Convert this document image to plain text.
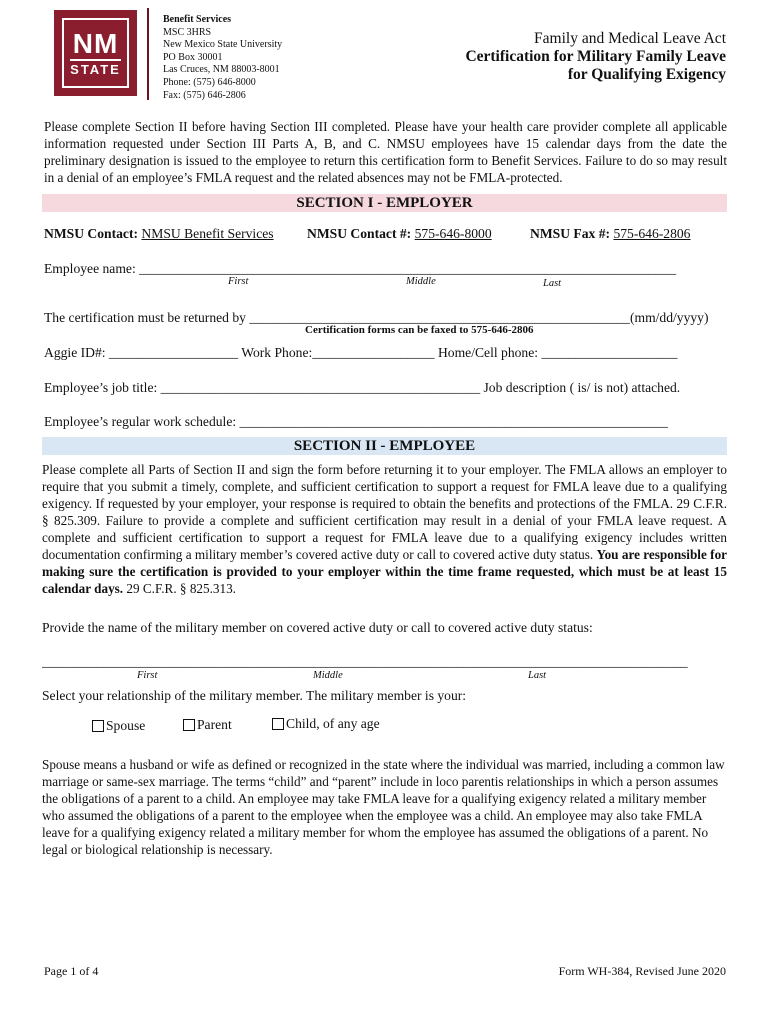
NM
STATE
Benefit Services
MSC 3HRS
New Mexico State University
PO Box 30001
Las Cruces, NM 88003-8001
Phone: (575) 646-8000
Fax: (575) 646-2806
Family and Medical Leave Act
Certification for Military Family Leave
for Qualifying Exigency
Please complete Section II before having Section III completed. Please have your health care provider complete all applicable information requested under Section III Parts A, B, and C. NMSU employees have 15 calendar days from the date the preliminary designation is issued to the employee to return this certification form to Benefit Services. Failure to do so may result in a denial of an employee’s FMLA request and the related absences may not be FMLA-protected.
SECTION I - EMPLOYER
NMSU Contact: NMSU Benefit Services NMSU Contact #: 575-646-8000	NMSU Fax #: 575-646-2806
Employee name: _______________________________________________________________________________
First	Middle	Last
The certification must be returned by ________________________________________________________(mm/dd/yyyy)
Certification forms can be faxed to 575-646-2806
Aggie ID#: ___________________ Work Phone:__________________ Home/Cell phone: ____________________
Employee’s job title: _______________________________________________ Job description ( is/ is not) attached.
Employee’s regular work schedule: _______________________________________________________________
SECTION II - EMPLOYEE
Please complete all Parts of Section II and sign the form before returning it to your employer. The FMLA allows an employer to require that you submit a timely, complete, and sufficient certification to support a request for FMLA leave due to a qualifying exigency. If requested by your employer, your response is required to obtain the benefits and protections of the FMLA. 29 C.F.R. § 825.309. Failure to provide a complete and sufficient certification may result in a denial of your FMLA leave request. A complete and sufficient certification to support a request for FMLA leave due to a qualifying exigency includes written documentation confirming a military member’s covered active duty or call to covered active duty status. You are responsible for making sure the certification is provided to your employer within the time frame requested, which must be at least 15 calendar days. 29 C.F.R. § 825.313.
Provide the name of the military member on covered active duty or call to covered active duty status:
_______________________________________________________________________________________________
First	Middle	Last
Select your relationship of the military member. The military member is your:
Spouse	Parent	Child, of any age
Spouse means a husband or wife as defined or recognized in the state where the individual was married, including a common law marriage or same-sex marriage. The terms “child” and “parent” include in loco parentis relationships in which a person assumes the obligations of a parent to a child. An employee may take FMLA leave for a qualifying exigency related a military member who assumed the obligations of a parent to the employee when the employee was a child. An employee may also take FMLA leave for a qualifying exigency related a military member for whom the employee has assumed the obligations of a parent. No legal or biological relationship is necessary.
Page 1 of 4	Form WH-384, Revised June 2020
